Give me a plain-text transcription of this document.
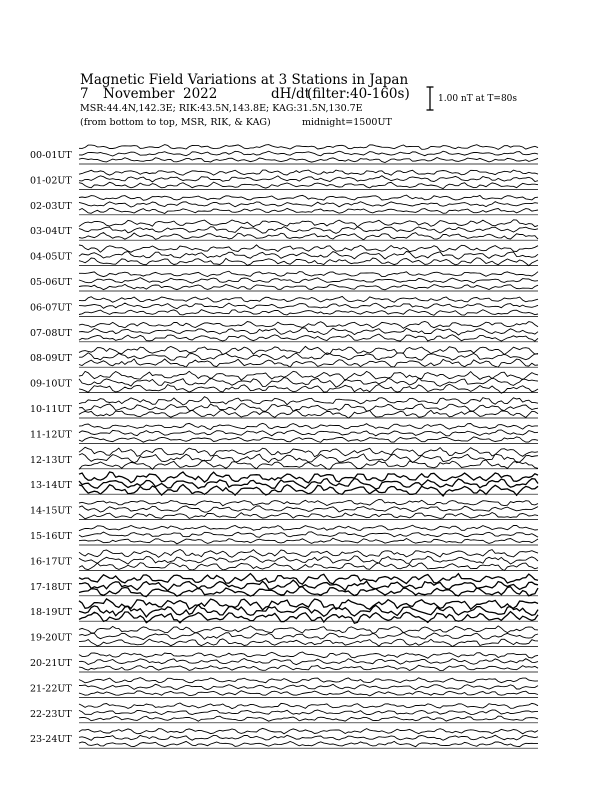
Magnetic Field Variations at 3 Stations in Japan
7 November 2022	dH/dt
(filter:40-160s)
MSR:44.4N,142.3E; RIK:43.5N,143.8E; KAG:31.5N,130.7E
(from bottom to top, MSR, RIK, & KAG)	midnight=1500UT
1.00 nT at T=80s
00-01UT
01-02UT
02-03UT
03-04UT
04-05UT
05-06UT
06-07UT
07-08UT
08-09UT
09-10UT
10-11UT
11-12UT
12-13UT
13-14UT
14-15UT
15-16UT
16-17UT
17-18UT
18-19UT
19-20UT
20-21UT
21-22UT
22-23UT
23-24UT
